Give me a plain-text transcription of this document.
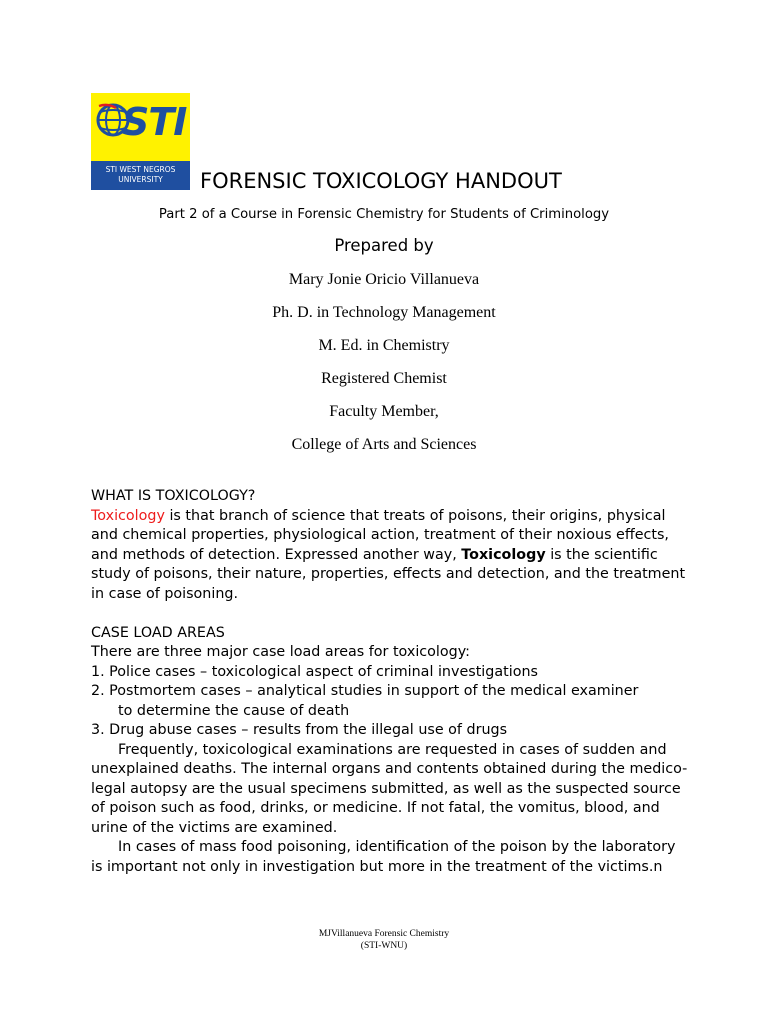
STI
STI WEST NEGROS
UNIVERSITY	FORENSIC TOXICOLOGY HANDOUT
Part 2 of a Course in Forensic Chemistry for Students of Criminology
Prepared by
Mary Jonie Oricio Villanueva
Ph. D. in Technology Management
M. Ed. in Chemistry
Registered Chemist
Faculty Member,
College of Arts and Sciences

WHAT IS TOXICOLOGY?

Toxicology is that branch of science that treats of poisons, their origins, physical and chemical properties, physiological action, treatment of their noxious effects, and methods of detection. Expressed another way, Toxicology is the scientific study of poisons, their nature, properties, effects and detection, and the treatment in case of poisoning.

CASE LOAD AREAS

There are three major case load areas for toxicology:

1. Police cases – toxicological aspect of criminal investigations

2. Postmortem cases – analytical studies in support of the medical examiner

to determine the cause of death

3. Drug abuse cases – results from the illegal use of drugs

Frequently, toxicological examinations are requested in cases of sudden and unexplained deaths. The internal organs and contents obtained during the medico-legal autopsy are the usual specimens submitted, as well as the suspected source of poison such as food, drinks, or medicine. If not fatal, the vomitus, blood, and urine of the victims are examined.

In cases of mass food poisoning, identification of the poison by the laboratory is important not only in investigation but more in the treatment of the victims.n

MJVillanueva Forensic Chemistry
(STI-WNU)
